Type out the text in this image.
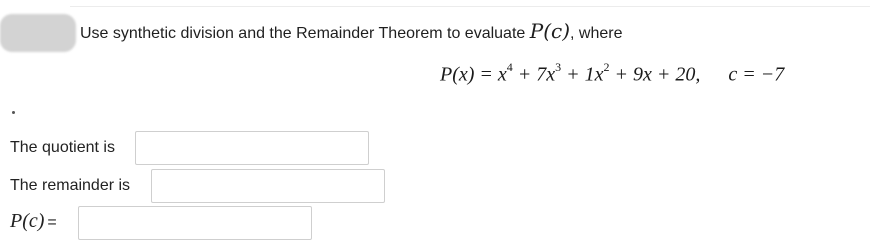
Use synthetic division and the Remainder Theorem to evaluate P(c), where
$P(x) = x^4 + 7x^3 + 1x^2 + 9x + 20$, c = −7
The quotient is
The remainder is
P(c) =
